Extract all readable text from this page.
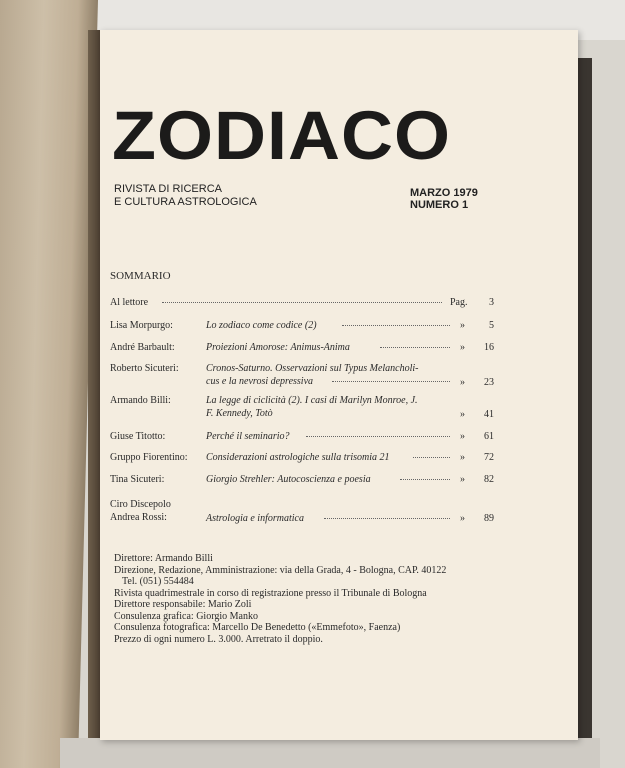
ZODIACO
RIVISTA DI RICERCA
E CULTURA ASTROLOGICA
MARZO 1979
NUMERO 1
SOMMARIO
Al lettore	Pag.	3
Lisa Morpurgo:	Lo zodiaco come codice (2)	»	5
André Barbault:	Proiezioni Amorose: Animus-Anima	»	16
Roberto Sicuteri:	Cronos-Saturno. Osservazioni sul Typus Melancholi-
cus e la nevrosi depressiva	»	23
Armando Billi:	La legge di ciclicità (2). I casi di Marilyn Monroe, J.
F. Kennedy, Totò	»	41
Giuse Titotto:	Perché il seminario?	»	61
Gruppo Fiorentino:	Considerazioni astrologiche sulla trisomia 21	»	72
Tina Sicuteri:	Giorgio Strehler: Autocoscienza e poesia	»	82
Ciro Discepolo
Andrea Rossi:	Astrologia e informatica	»	89
Direttore: Armando Billi
Direzione, Redazione, Amministrazione: via della Grada, 4 - Bologna, CAP. 40122
Tel. (051) 554484
Rivista quadrimestrale in corso di registrazione presso il Tribunale di Bologna
Direttore responsabile: Mario Zoli
Consulenza grafica: Giorgio Manko
Consulenza fotografica: Marcello De Benedetto («Emmefoto», Faenza)
Prezzo di ogni numero L. 3.000. Arretrato il doppio.
